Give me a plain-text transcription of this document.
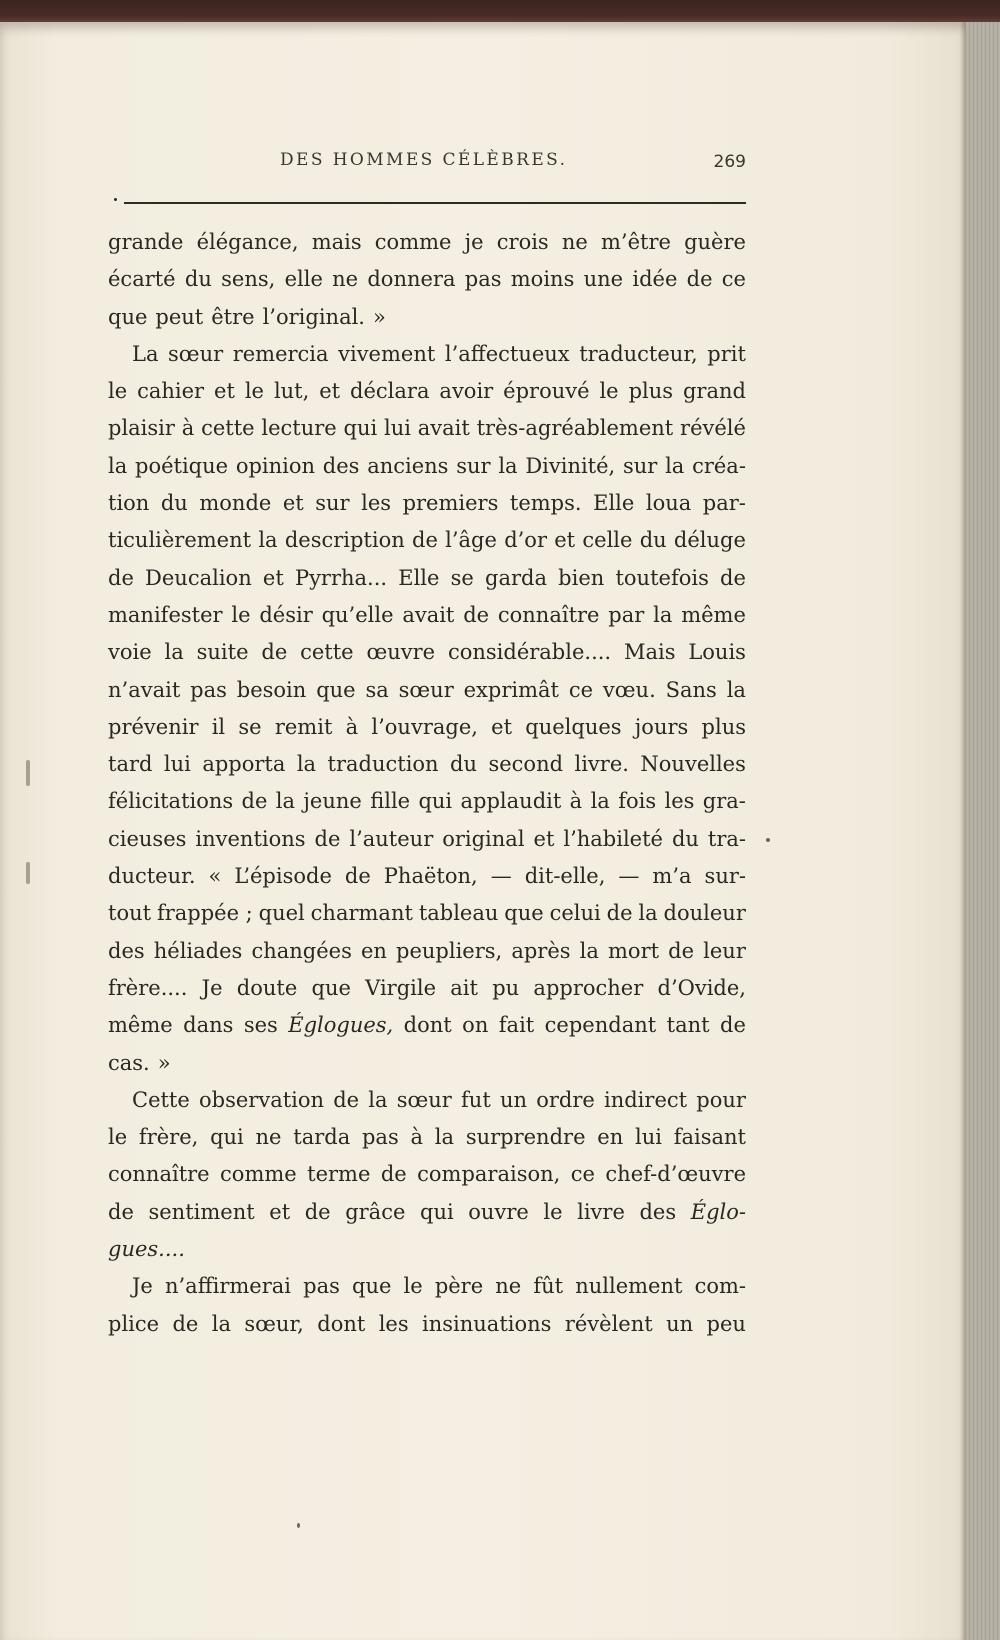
DES HOMMES CÉLÈBRES.	269
grande élégance, mais comme je crois ne m’être guère
écarté du sens, elle ne donnera pas moins une idée de ce
que peut être l’original. »
La sœur remercia vivement l’affectueux traducteur, prit
le cahier et le lut, et déclara avoir éprouvé le plus grand
plaisir à cette lecture qui lui avait très-agréablement révélé
la poétique opinion des anciens sur la Divinité, sur la créa-
tion du monde et sur les premiers temps. Elle loua par-
ticulièrement la description de l’âge d’or et celle du déluge
de Deucalion et Pyrrha... Elle se garda bien toutefois de
manifester le désir qu’elle avait de connaître par la même
voie la suite de cette œuvre considérable.... Mais Louis
n’avait pas besoin que sa sœur exprimât ce vœu. Sans la
prévenir il se remit à l’ouvrage, et quelques jours plus
tard lui apporta la traduction du second livre. Nouvelles
félicitations de la jeune fille qui applaudit à la fois les gra-
cieuses inventions de l’auteur original et l’habileté du tra-
ducteur. « L’épisode de Phaëton, — dit-elle, — m’a sur-
tout frappée ; quel charmant tableau que celui de la douleur
des héliades changées en peupliers, après la mort de leur
frère.... Je doute que Virgile ait pu approcher d’Ovide,
même dans ses Églogues, dont on fait cependant tant de
cas. »
Cette observation de la sœur fut un ordre indirect pour
le frère, qui ne tarda pas à la surprendre en lui faisant
connaître comme terme de comparaison, ce chef-d’œuvre
de sentiment et de grâce qui ouvre le livre des Églo-
gues....
Je n’affirmerai pas que le père ne fût nullement com-
plice de la sœur, dont les insinuations révèlent un peu
